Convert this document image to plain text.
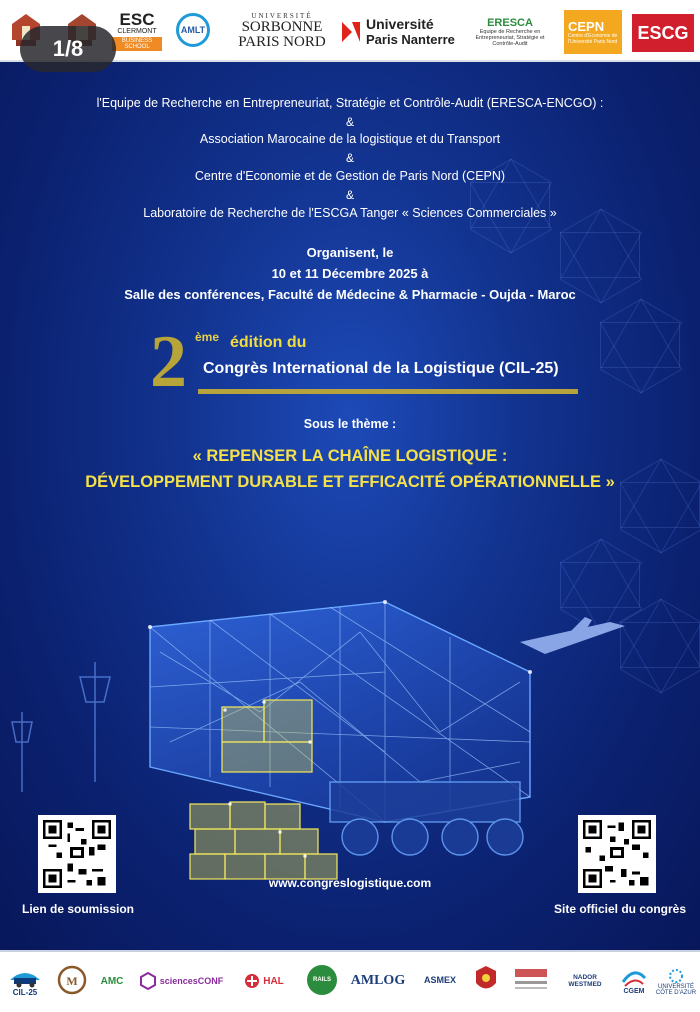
ESC
CLERMONT
BUSINESS SCHOOL
AMLT
UNIVERSITÉ
SORBONNE
PARIS NORD
Université
Paris Nanterre
ERESCA
Equipe de Recherche en Entrepreneuriat, Stratégie et Contrôle-Audit
CEPN
Centre d'Economie de l'Université Paris Nord ESCG
1/8
l'Equipe de Recherche en Entrepreneuriat, Stratégie et Contrôle-Audit (ERESCA-ENCGO) :
&
Association Marocaine de la logistique et du Transport
&
Centre d'Economie et de Gestion de Paris Nord (CEPN)
&
Laboratoire de Recherche de l'ESCGA Tanger « Sciences Commerciales »
Organisent, le
10 et 11 Décembre 2025 à
Salle des conférences, Faculté de Médecine & Pharmacie - Oujda - Maroc
2 ème édition du
Congrès International de la Logistique (CIL-25)
Sous le thème :
« REPENSER LA CHAÎNE LOGISTIQUE :
DÉVELOPPEMENT DURABLE ET EFFICACITÉ OPÉRATIONNELLE »
Lien de soumission	Site officiel du congrès
www.congreslogistique.com
CIL-25
M AMC	sciencesCONF	HAL	RAILS AMLOG ASMEX	NADOR WESTMED
CGEM
UNIVERSITÉ
CÔTE D'AZUR
